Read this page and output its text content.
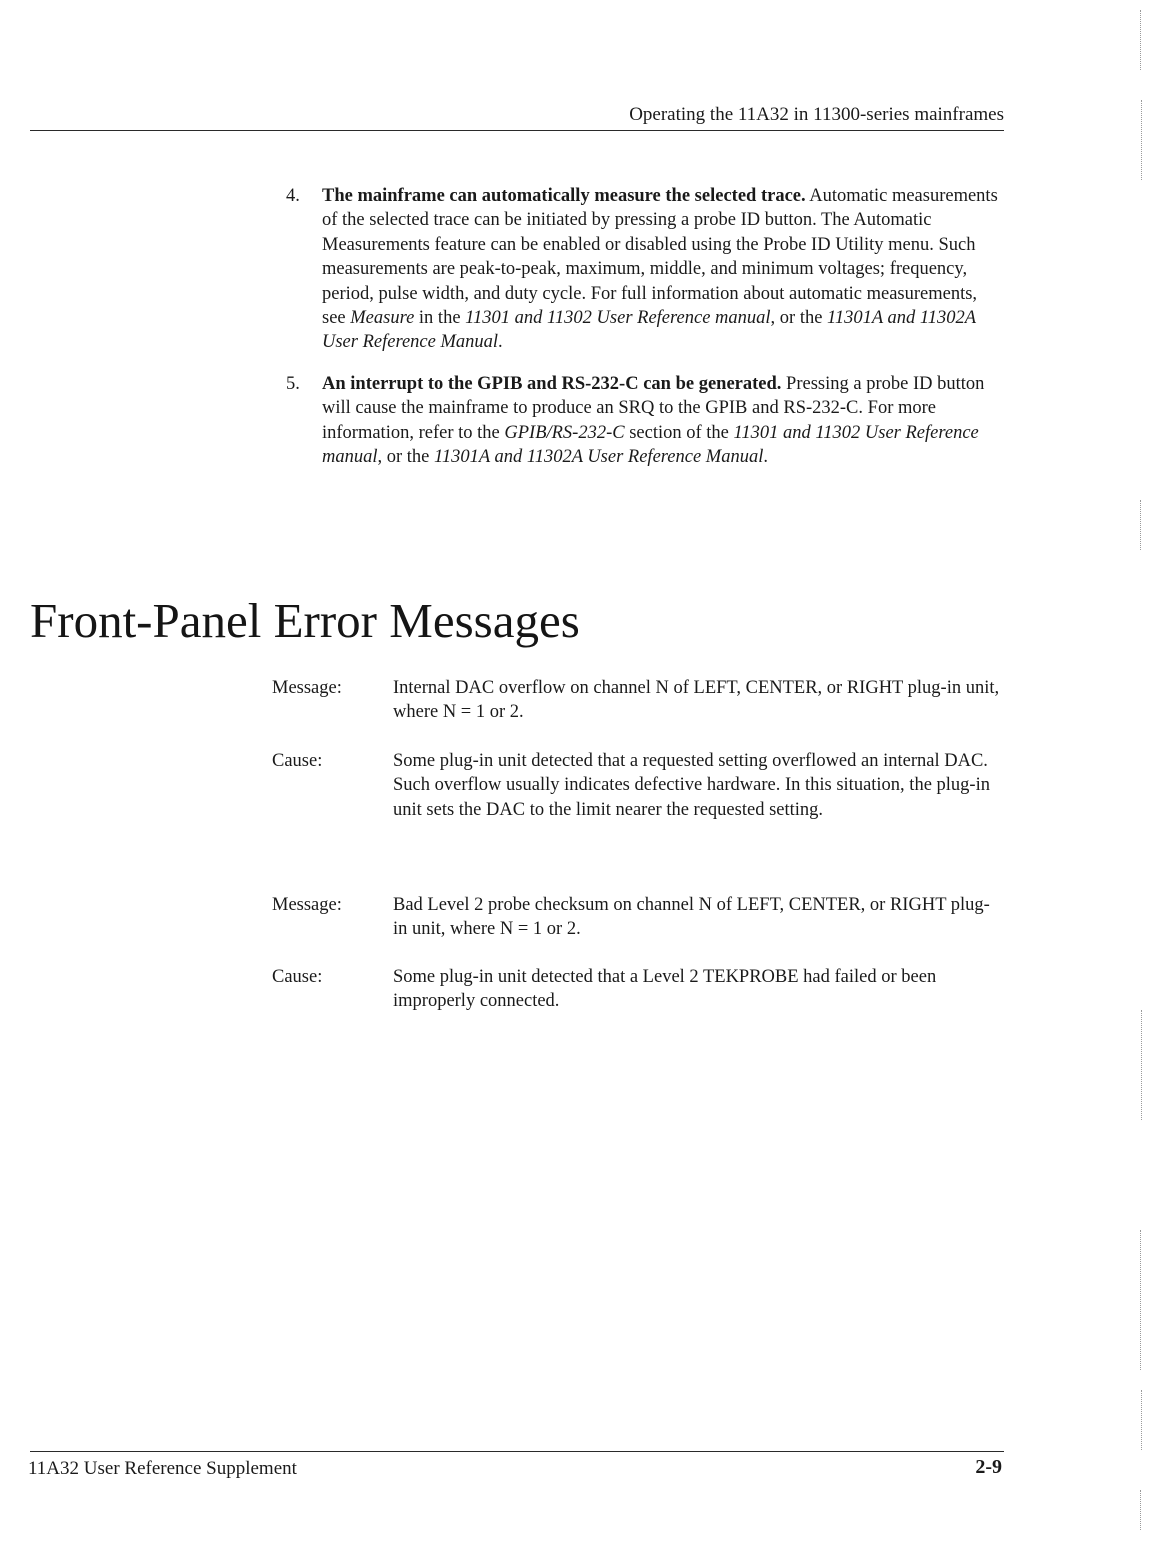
Operating the 11A32 in 11300-series mainframes
4.	The mainframe can automatically measure the selected trace. Automatic measurements of the selected trace can be initiated by pressing a probe ID button. The Automatic Measurements feature can be enabled or disabled using the Probe ID Utility menu. Such measurements are peak-to-peak, maximum, middle, and minimum voltages; frequency, period, pulse width, and duty cycle. For full information about automatic measurements, see Measure in the 11301 and 11302 User Reference manual, or the 11301A and 11302A User Reference Manual.
5.	An interrupt to the GPIB and RS-232-C can be generated. Pressing a probe ID button will cause the mainframe to produce an SRQ to the GPIB and RS-232-C. For more information, refer to the GPIB/RS-232-C section of the 11301 and 11302 User Reference manual, or the 11301A and 11302A User Reference Manual.
Front-Panel Error Messages
Message:	Internal DAC overflow on channel N of LEFT, CENTER, or RIGHT plug-in unit, where N = 1 or 2.
Cause:	Some plug-in unit detected that a requested setting overflowed an internal DAC. Such overflow usually indicates defective hardware. In this situation, the plug-in unit sets the DAC to the limit nearer the requested setting.
Message:	Bad Level 2 probe checksum on channel N of LEFT, CENTER, or RIGHT plug-in unit, where N = 1 or 2.
Cause:	Some plug-in unit detected that a Level 2 TEKPROBE had failed or been improperly connected.
11A32 User Reference Supplement	2-9
